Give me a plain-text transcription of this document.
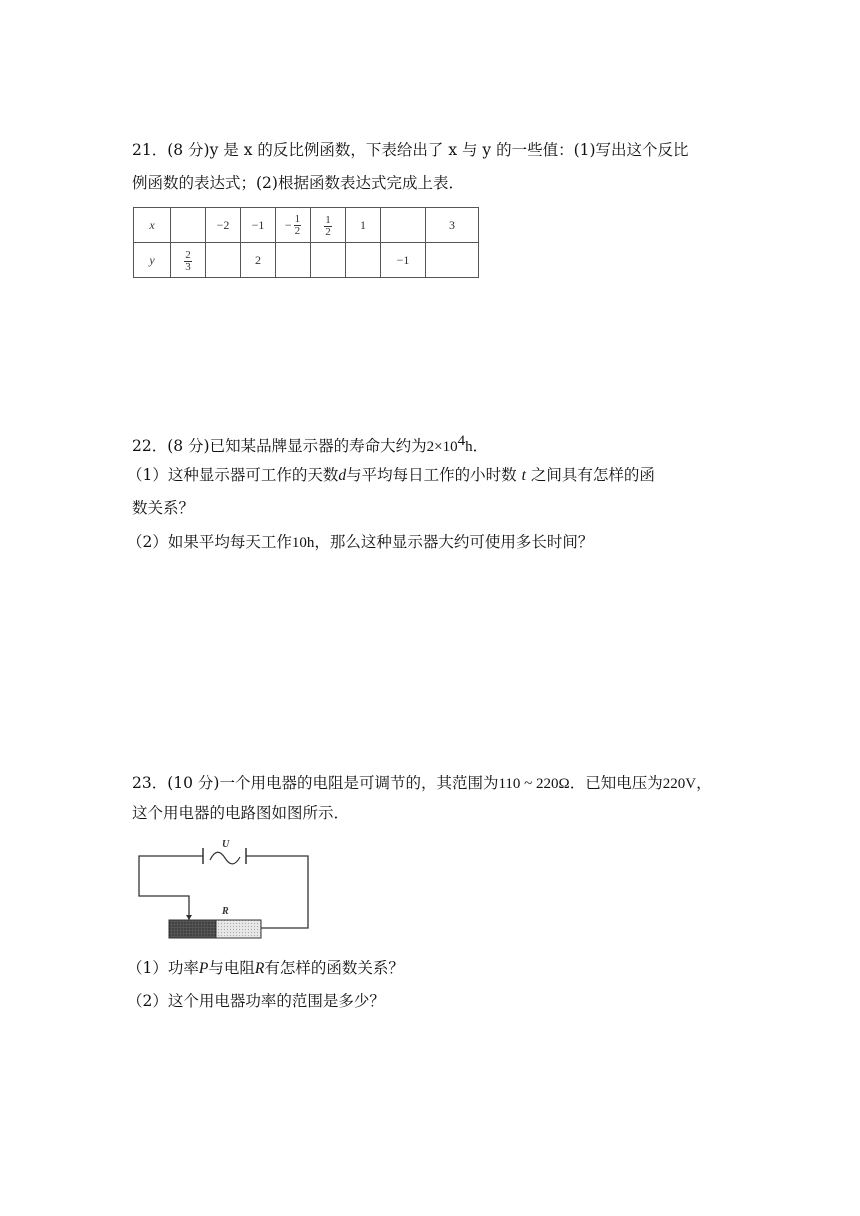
21．(8 分)y 是 x 的反比例函数，下表给出了 x 与 y 的一些值：(1)写出这个反比
例函数的表达式；(2)根据函数表达式完成上表．
x		−2	−1	− $\frac{1}{2}$	$\frac{1}{2}$	1		3
y	$\frac{2}{3}$		2				−1	
22．(8 分)已知某品牌显示器的寿命大约为$2\times 10^4h$．
（1）这种显示器可工作的天数d与平均每日工作的小时数 t 之间具有怎样的函
数关系？
（2）如果平均每天工作10h，那么这种显示器大约可使用多长时间？
23．(10 分)一个用电器的电阻是可调节的，其范围为110 ~ 220Ω．已知电压为220V，
这个用电器的电路图如图所示．
U
R
（1）功率P与电阻R有怎样的函数关系？
（2）这个用电器功率的范围是多少？
